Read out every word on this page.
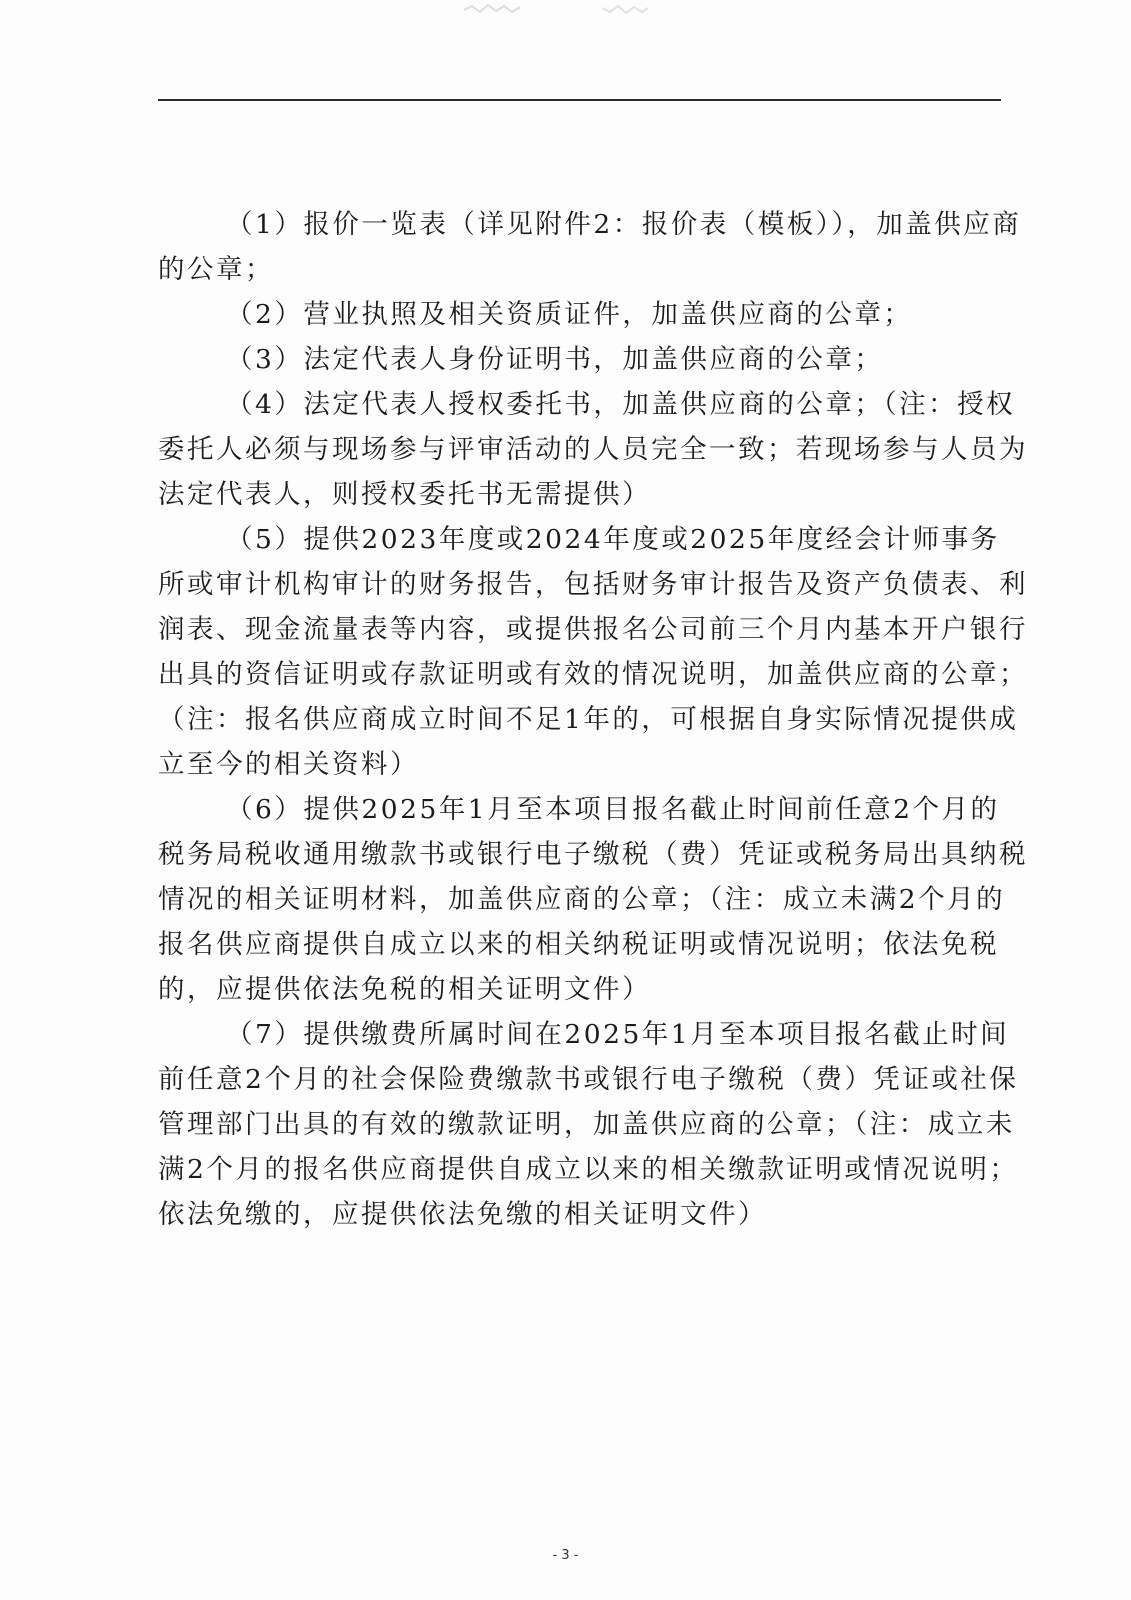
（1）报价一览表（详见附件2：报价表（模板）），加盖供应商的公章；

（2）营业执照及相关资质证件，加盖供应商的公章；

（3）法定代表人身份证明书，加盖供应商的公章；

（4）法定代表人授权委托书，加盖供应商的公章；（注：授权委托人必须与现场参与评审活动的人员完全一致；若现场参与人员为法定代表人，则授权委托书无需提供）

（5）提供2023年度或2024年度或2025年度经会计师事务所或审计机构审计的财务报告，包括财务审计报告及资产负债表、利润表、现金流量表等内容，或提供报名公司前三个月内基本开户银行出具的资信证明或存款证明或有效的情况说明，加盖供应商的公章；（注：报名供应商成立时间不足1年的，可根据自身实际情况提供成立至今的相关资料）

（6）提供2025年1月至本项目报名截止时间前任意2个月的税务局税收通用缴款书或银行电子缴税（费）凭证或税务局出具纳税情况的相关证明材料，加盖供应商的公章；（注：成立未满2个月的报名供应商提供自成立以来的相关纳税证明或情况说明；依法免税的，应提供依法免税的相关证明文件）

（7）提供缴费所属时间在2025年1月至本项目报名截止时间前任意2个月的社会保险费缴款书或银行电子缴税（费）凭证或社保管理部门出具的有效的缴款证明，加盖供应商的公章；（注：成立未满2个月的报名供应商提供自成立以来的相关缴款证明或情况说明；依法免缴的，应提供依法免缴的相关证明文件）

- 3 -
